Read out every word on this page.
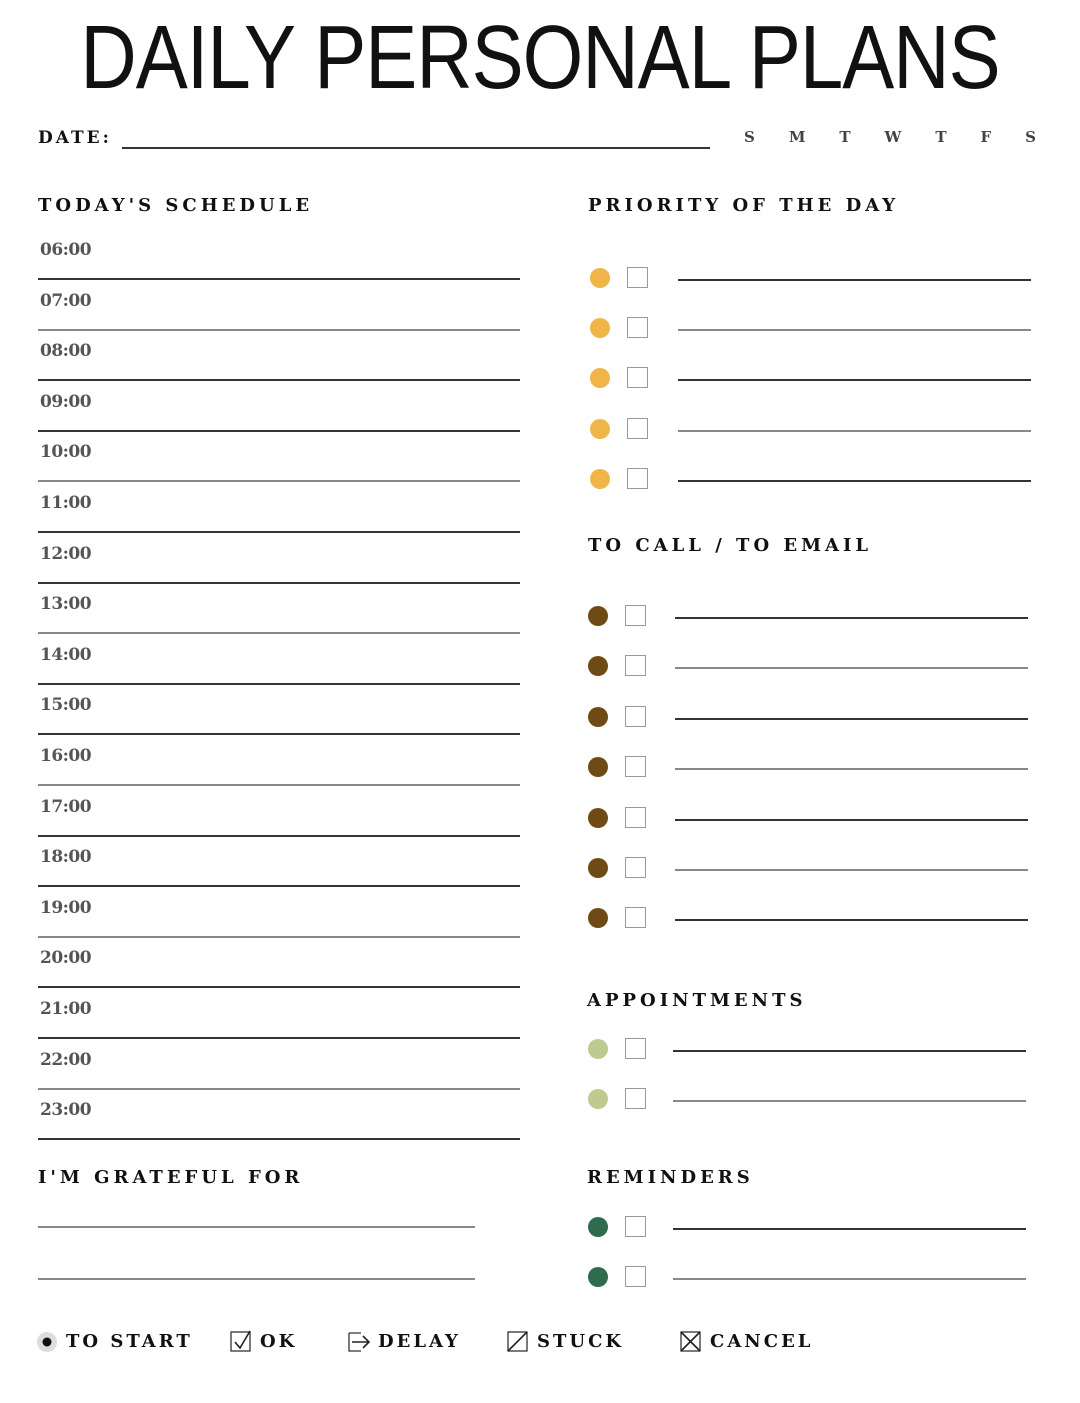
DAILY PERSONAL PLANS
DATE:	S M T W T F S
TODAY'S SCHEDULE
06:00
07:00
08:00
09:00
10:00
11:00
12:00
13:00
14:00
15:00
16:00
17:00
18:00
19:00
20:00
21:00
22:00
23:00
I'M GRATEFUL FOR
PRIORITY OF THE DAY
TO CALL / TO EMAIL
APPOINTMENTS
REMINDERS
TO START	OK	DELAY	STUCK	CANCEL
